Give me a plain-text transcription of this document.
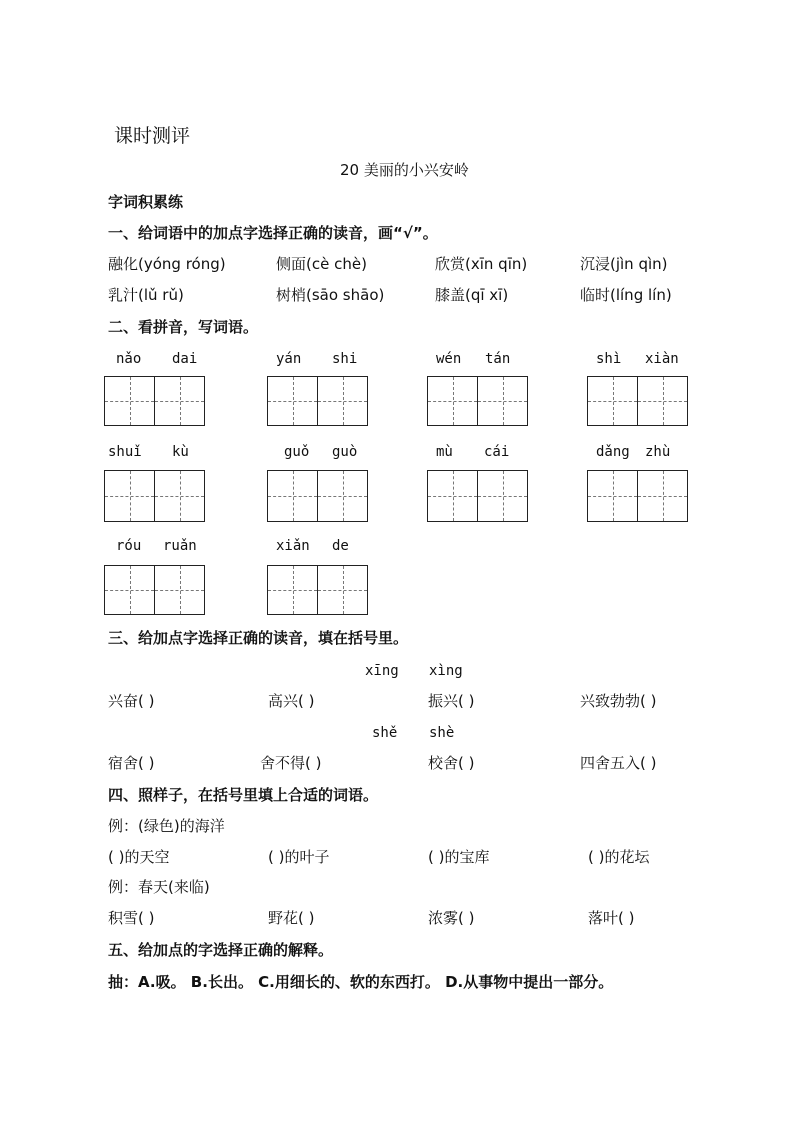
课时测评
20 美丽的小兴安岭
字词积累练
一、给词语中的加点字选择正确的读音，画“√”。
融化(yóng róng)	侧面(cè chè)	欣赏(xīn qīn)	沉浸(jìn qìn)
乳汁(lǔ rǔ)	树梢(sāo shāo)	膝盖(qī xī)	临时(líng lín)
二、看拼音，写词语。
nǎo dai	yán shi	wén tán	shì xiàn
shuǐ kù	guǒ guò	mù cái	dǎng zhù
róu ruǎn	xiǎn de
三、给加点字选择正确的读音，填在括号里。
xīng xìng
兴奋( )	高兴( )	振兴( )	兴致勃勃( )
shě shè
宿舍( )	舍不得( )	校舍( )	四舍五入( )
四、照样子，在括号里填上合适的词语。
例：(绿色)的海洋
( )的天空	( )的叶子	( )的宝库	( )的花坛
例：春天(来临)
积雪( )	野花( )	浓雾( )	落叶( )
五、给加点的字选择正确的解释。
抽：A.吸。 B.长出。 C.用细长的、软的东西打。 D.从事物中提出一部分。
